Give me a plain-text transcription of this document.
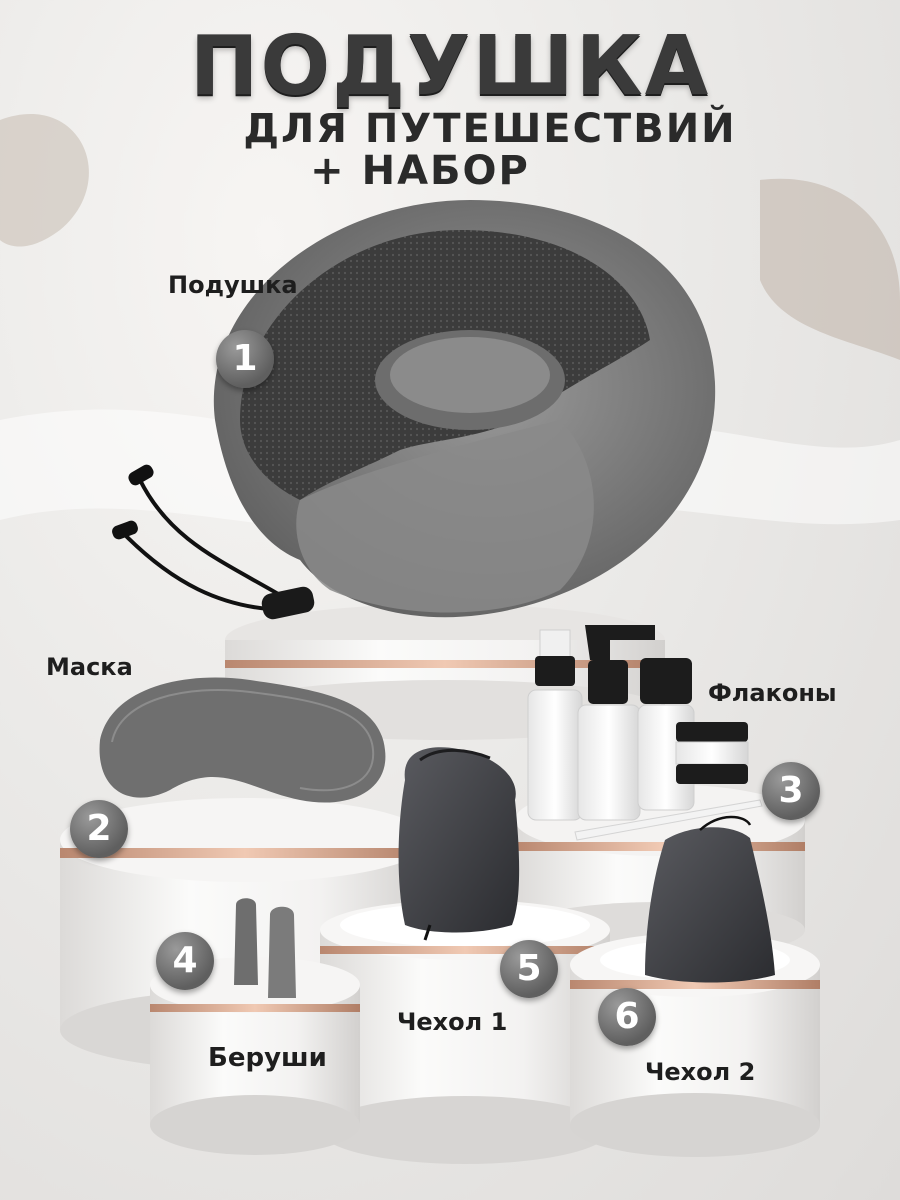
ПОДУШКА
ДЛЯ ПУТЕШЕСТВИЙ
+ НАБОР
Подушка
1
Маска
2
Флаконы
3
4
Беруши
5
Чехол 1	6
Чехол 2
